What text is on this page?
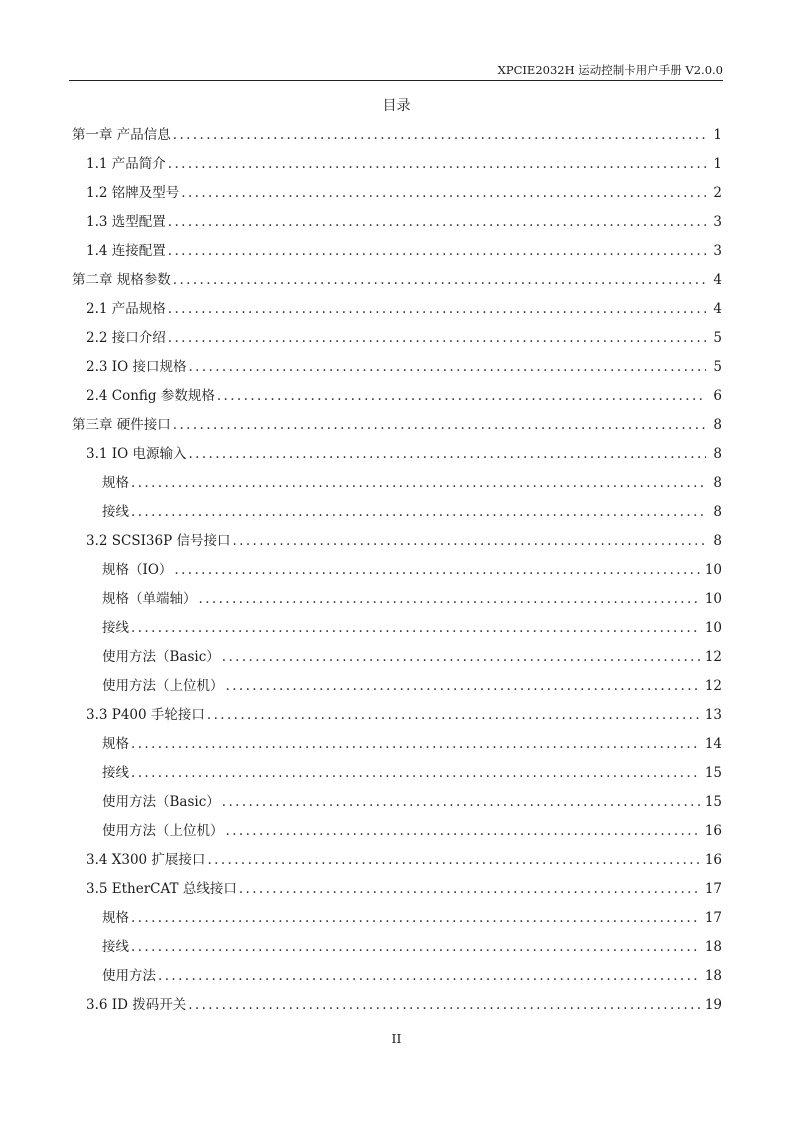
XPCIE2032H 运动控制卡用户手册 V2.0.0
目录
第一章 产品信息 .....	1
1.1 产品简介 .....	1
1.2 铭牌及型号 .....	2
1.3 选型配置 .....	3
1.4 连接配置 .....	3
第二章 规格参数 .....	4
2.1 产品规格 .....	4
2.2 接口介绍 .....	5
2.3 IO 接口规格 .....	5
2.4 Config 参数规格 .....	6
第三章 硬件接口 .....	8
3.1 IO 电源输入 .....	8
规格 .....	8
接线 .....	8
3.2 SCSI36P 信号接口 .....	8
规格（IO） .....	10
规格（单端轴） .....	10
接线 .....	10
使用方法（Basic） .....	12
使用方法（上位机） .....	12
3.3 P400 手轮接口 .....	13
规格 .....	14
接线 .....	15
使用方法（Basic） .....	15
使用方法（上位机） .....	16
3.4 X300 扩展接口 .....	16
3.5 EtherCAT 总线接口 .....	17
规格 .....	17
接线 .....	18
使用方法 .....	18
3.6 ID 拨码开关 .....	19
II
